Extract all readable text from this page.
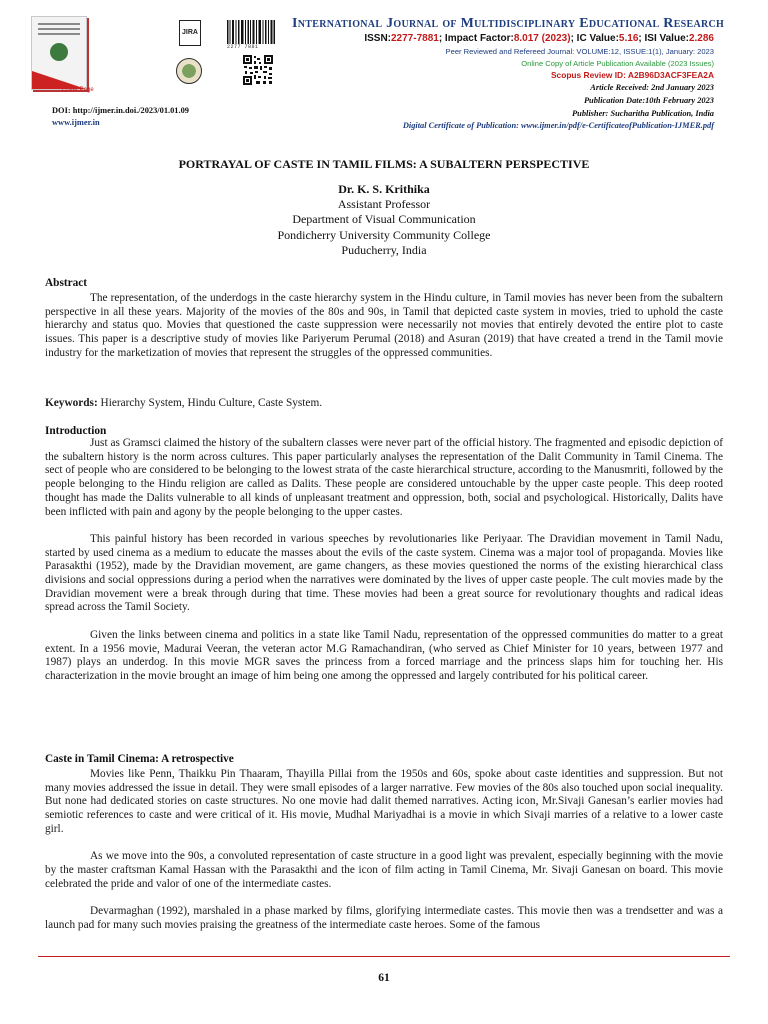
Cover Page
JIRA
2277 7881
International Journal of Multidisciplinary Educational Research
ISSN:2277-7881; Impact Factor:8.017 (2023); IC Value:5.16; ISI Value:2.286
Peer Reviewed and Refereed Journal: VOLUME:12, ISSUE:1(1), January: 2023
Online Copy of Article Publication Available (2023 Issues)
Scopus Review ID: A2B96D3ACF3FEA2A
Article Received: 2nd January 2023
Publication Date:10th February 2023
Publisher: Sucharitha Publication, India
Digital Certificate of Publication: www.ijmer.in/pdf/e-CertificateofPublication-IJMER.pdf
DOI: http://ijmer.in.doi./2023/01.01.09
www.ijmer.in
PORTRAYAL OF CASTE IN TAMIL FILMS: A SUBALTERN PERSPECTIVE
Dr. K. S. Krithika
Assistant Professor
Department of Visual Communication
Pondicherry University Community College
Puducherry, India
Abstract

The representation, of the underdogs in the caste hierarchy system in the Hindu culture, in Tamil movies has never been from the subaltern perspective in all these years. Majority of the movies of the 80s and 90s, in Tamil that depicted caste system in movies, tried to uphold the caste hierarchy and status quo. Movies that questioned the caste suppression were necessarily not movies that entirely devoted the entire plot to caste issues. This paper is a descriptive study of movies like Pariyerum Perumal (2018) and Asuran (2019) that have created a trend in the Tamil movie industry for the marketization of movies that represent the struggles of the oppressed communities.

Keywords: Hierarchy System, Hindu Culture, Caste System.
Introduction

Just as Gramsci claimed the history of the subaltern classes were never part of the official history. The fragmented and episodic depiction of the subaltern history is the norm across cultures. This paper particularly analyses the representation of the Dalit Community in Tamil Cinema. The sect of people who are considered to be belonging to the lowest strata of the caste hierarchical structure, according to the Manusmriti, followed by the people belonging to the Hindu religion are called as Dalits. These people are considered untouchable by the upper caste people. This deep rooted thought has made the Dalits vulnerable to all kinds of unpleasant treatment and oppression, both, social and psychological. Historically, Dalits have been inflicted with pain and agony by the people belonging to the upper castes.

This painful history has been recorded in various speeches by revolutionaries like Periyaar. The Dravidian movement in Tamil Nadu, started by used cinema as a medium to educate the masses about the evils of the caste system. Cinema was a major tool of propaganda. Movies like Parasakthi (1952), made by the Dravidian movement, are game changers, as these movies questioned the norms of the existing hierarchical class divisions and social oppressions during a period when the narratives were dominated by the lives of upper caste people. The cult movies made by the Dravidian movement were a break through during that time. These movies had been a great source for revolutionary thoughts and radical ideas spread across the Tamil Society.

Given the links between cinema and politics in a state like Tamil Nadu, representation of the oppressed communities do matter to a great extent. In a 1956 movie, Madurai Veeran, the veteran actor M.G Ramachandiran, (who served as Chief Minister for 10 years, between 1977 and 1987) plays an underdog. In this movie MGR saves the princess from a forced marriage and the princess slaps him for touching her. His characterization in the movie brought an image of him being one among the oppressed and largely contributed for his political career.

Caste in Tamil Cinema: A retrospective

Movies like Penn, Thaikku Pin Thaaram, Thayilla Pillai from the 1950s and 60s, spoke about caste identities and suppression. But not many movies addressed the issue in detail. They were small episodes of a larger narrative. Few movies of the 80s also touched upon social inequality. But none had dedicated stories on caste structures. No one movie had dalit themed narratives. Acting icon, Mr.Sivaji Ganesan’s earlier movies had semiotic references to caste and were critical of it. His movie, Mudhal Mariyadhai is a movie in which Sivaji marries of a relative to a lower caste girl.

As we move into the 90s, a convoluted representation of caste structure in a good light was prevalent, especially beginning with the movie by the master craftsman Kamal Hassan with the Parasakthi and the icon of film acting in Tamil Cinema, Mr. Sivaji Ganesan on board. This movie celebrated the pride and valor of one of the intermediate castes.

Devarmaghan (1992), marshaled in a phase marked by films, glorifying intermediate castes. This movie then was a trendsetter and was a launch pad for many such movies praising the greatness of the intermediate caste heroes. Some of the famous

61
